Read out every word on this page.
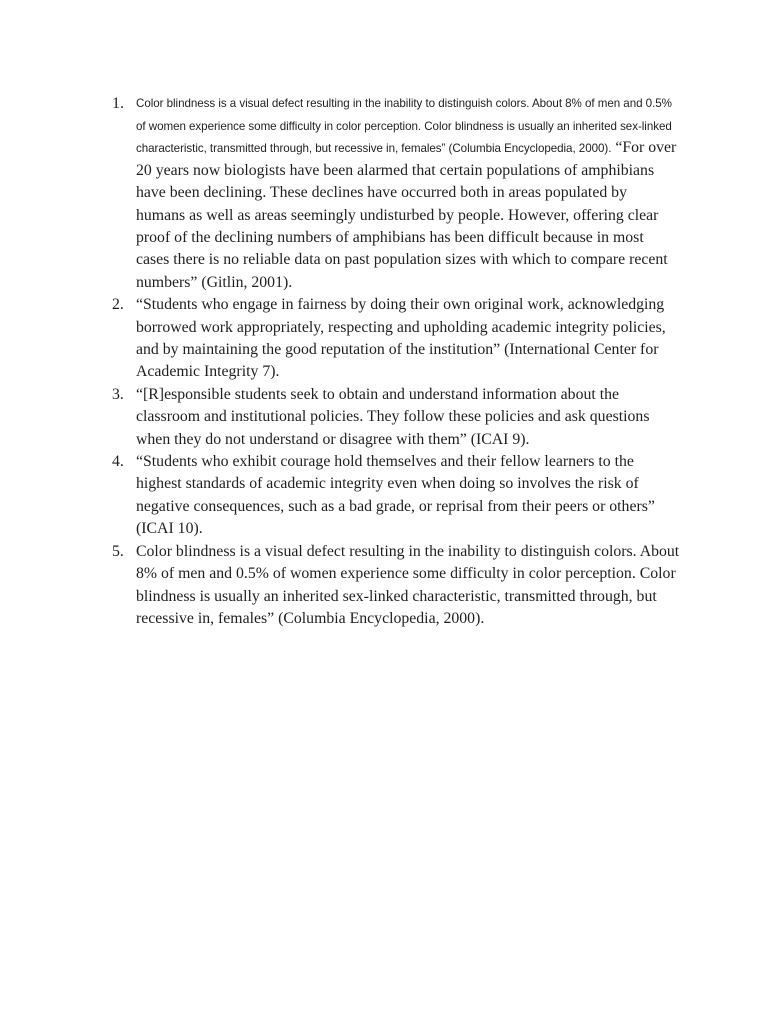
1. Color blindness is a visual defect resulting in the inability to distinguish colors. About 8% of men and 0.5% of women experience some difficulty in color perception. Color blindness is usually an inherited sex-linked characteristic, transmitted through, but recessive in, females” (Columbia Encyclopedia, 2000). “For over 20 years now biologists have been alarmed that certain populations of amphibians have been declining. These declines have occurred both in areas populated by humans as well as areas seemingly undisturbed by people. However, offering clear proof of the declining numbers of amphibians has been difficult because in most cases there is no reliable data on past population sizes with which to compare recent numbers” (Gitlin, 2001).
2. “Students who engage in fairness by doing their own original work, acknowledging borrowed work appropriately, respecting and upholding academic integrity policies, and by maintaining the good reputation of the institution” (International Center for Academic Integrity 7).
3. “[R]esponsible students seek to obtain and understand information about the classroom and institutional policies. They follow these policies and ask questions when they do not understand or disagree with them” (ICAI 9).
4. “Students who exhibit courage hold themselves and their fellow learners to the highest standards of academic integrity even when doing so involves the risk of negative consequences, such as a bad grade, or reprisal from their peers or others” (ICAI 10).
5. Color blindness is a visual defect resulting in the inability to distinguish colors. About 8% of men and 0.5% of women experience some difficulty in color perception. Color blindness is usually an inherited sex-linked characteristic, transmitted through, but recessive in, females” (Columbia Encyclopedia, 2000).
